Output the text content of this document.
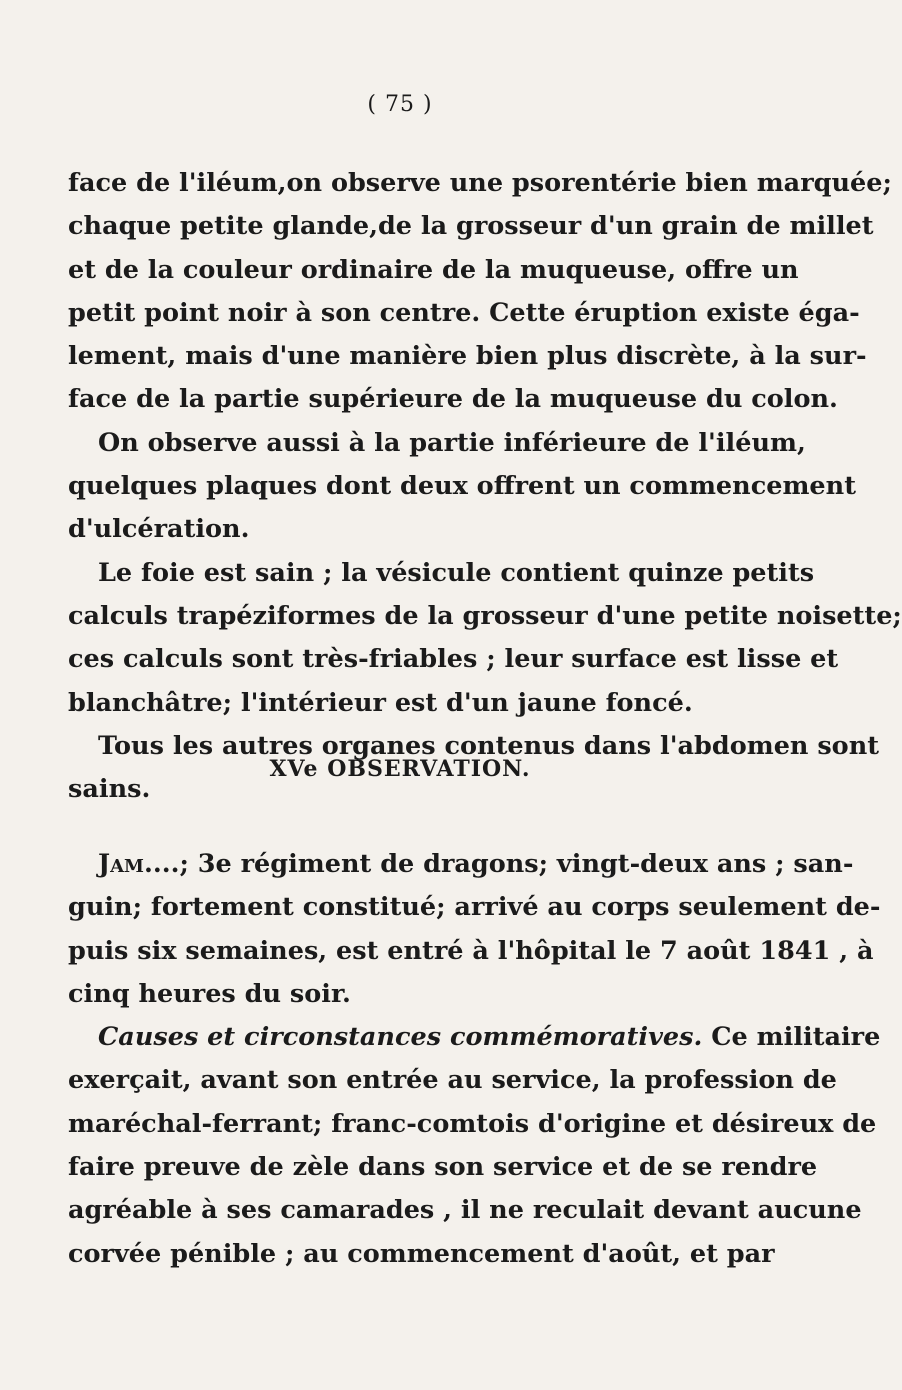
( 75 )
face de l'iléum,on observe une psorentérie bien marquée;
chaque petite glande,de la grosseur d'un grain de millet
et de la couleur ordinaire de la muqueuse, offre un
petit point noir à son centre. Cette éruption existe éga-
lement, mais d'une manière bien plus discrète, à la sur-
face de la partie supérieure de la muqueuse du colon.
On observe aussi à la partie inférieure de l'iléum,
quelques plaques dont deux offrent un commencement
d'ulcération.
Le foie est sain ; la vésicule contient quinze petits
calculs trapéziformes de la grosseur d'une petite noisette;
ces calculs sont très-friables ; leur surface est lisse et
blanchâtre; l'intérieur est d'un jaune foncé.
Tous les autres organes contenus dans l'abdomen sont
sains.
XVe OBSERVATION.
Jam....; 3e régiment de dragons; vingt-deux ans ; san-
guin; fortement constitué; arrivé au corps seulement de-
puis six semaines, est entré à l'hôpital le 7 août 1841 , à
cinq heures du soir.
Causes et circonstances commémoratives. Ce militaire
exerçait, avant son entrée au service, la profession de
maréchal-ferrant; franc-comtois d'origine et désireux de
faire preuve de zèle dans son service et de se rendre
agréable à ses camarades , il ne reculait devant aucune
corvée pénible ; au commencement d'août, et par
